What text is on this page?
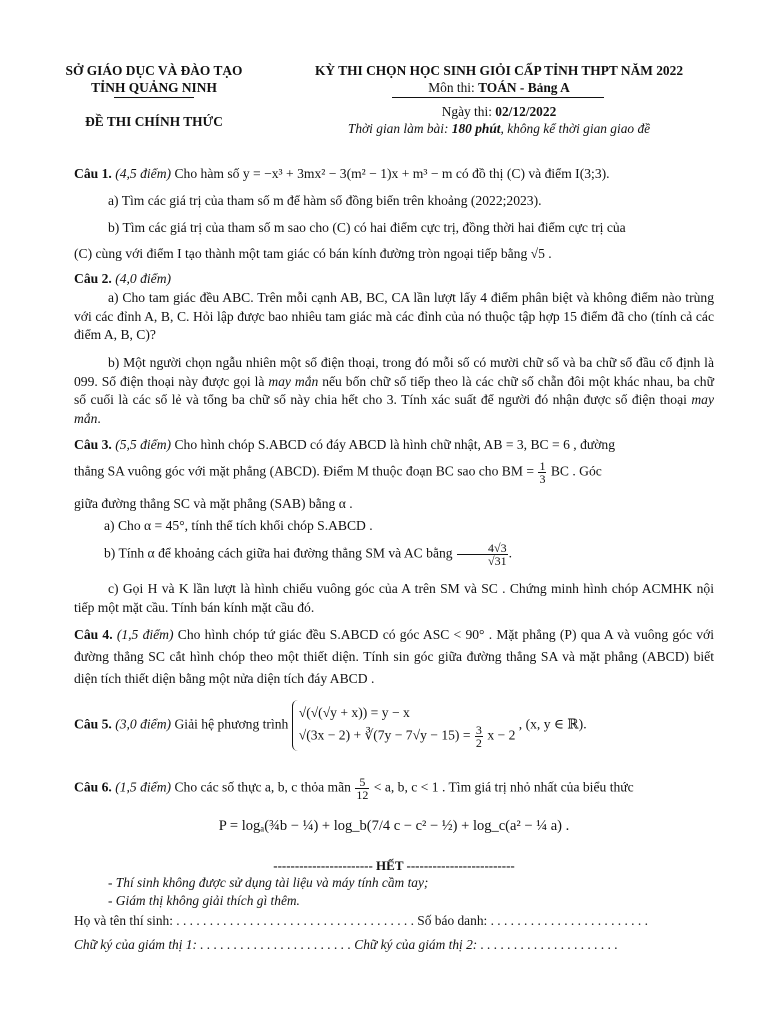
SỞ GIÁO DỤC VÀ ĐÀO TẠO
TỈNH QUẢNG NINH
ĐỀ THI CHÍNH THỨC
KỲ THI CHỌN HỌC SINH GIỎI CẤP TỈNH THPT NĂM 2022
Môn thi: TOÁN - Bảng A
Ngày thi: 02/12/2022
Thời gian làm bài: 180 phút, không kể thời gian giao đề
Câu 1. (4,5 điểm) Cho hàm số y = −x³ + 3mx² − 3(m² − 1)x + m³ − m có đồ thị (C) và điểm I(3;3).
a) Tìm các giá trị của tham số m để hàm số đồng biến trên khoảng (2022;2023).
b) Tìm các giá trị của tham số m sao cho (C) có hai điểm cực trị, đồng thời hai điểm cực trị của
(C) cùng với điểm I tạo thành một tam giác có bán kính đường tròn ngoại tiếp bằng √5 .
Câu 2. (4,0 điểm)
a) Cho tam giác đều ABC. Trên mỗi cạnh AB, BC, CA lần lượt lấy 4 điểm phân biệt và không điểm nào trùng với các đỉnh A, B, C. Hỏi lập được bao nhiêu tam giác mà các đỉnh của nó thuộc tập hợp 15 điểm đã cho (tính cả các điểm A, B, C)?
b) Một người chọn ngẫu nhiên một số điện thoại, trong đó mỗi số có mười chữ số và ba chữ số đầu cố định là 099. Số điện thoại này được gọi là may mắn nếu bốn chữ số tiếp theo là các chữ số chẵn đôi một khác nhau, ba chữ số cuối là các số lẻ và tổng ba chữ số này chia hết cho 3. Tính xác suất để người đó nhận được số điện thoại may mắn.
Câu 3. (5,5 điểm) Cho hình chóp S.ABCD có đáy ABCD là hình chữ nhật, AB = 3, BC = 6 , đường
thẳng SA vuông góc với mặt phẳng (ABCD). Điểm M thuộc đoạn BC sao cho BM = $\frac{1}{3}$ BC . Góc
giữa đường thẳng SC và mặt phẳng (SAB) bằng α .
a) Cho α = 45°, tính thể tích khối chóp S.ABCD .
b) Tính α để khoảng cách giữa hai đường thẳng SM và AC bằng $\frac{4√3}{√31}$ .
c) Gọi H và K lần lượt là hình chiếu vuông góc của A trên SM và SC . Chứng minh hình chóp ACMHK nội tiếp một mặt cầu. Tính bán kính mặt cầu đó.
Câu 4. (1,5 điểm) Cho hình chóp tứ giác đều S.ABCD có góc ASC < 90° . Mặt phẳng (P) qua A và vuông góc với đường thẳng SC cắt hình chóp theo một thiết diện. Tính sin góc giữa đường thẳng SA và mặt phẳng (ABCD) biết diện tích thiết diện bằng một nửa diện tích đáy ABCD .
Câu 5. (3,0 điểm) Giải hệ phương trình
√(√(√y + x)) = y − x
√(3x − 2) + ∛(7y − $7√y - 15) = \frac{3}{2}$ x − 2
, (x, y ∈ ℝ).
Câu 6. (1,5 điểm) Cho các số thực a, b, c thỏa mãn $\frac{5}{12} < a$, b, c < 1 . Tìm giá trị nhỏ nhất của biểu thức
P = logₐ(¾b − ¼) + log_b(7/4 c − c² − ½) + log_c(a² − ¼ a) .
----------------------- HẾT -------------------------
- Thí sinh không được sử dụng tài liệu và máy tính cầm tay;
- Giám thị không giải thích gì thêm.
Họ và tên thí sinh: . . . . . . . . . . . . . . . . . . . . . . . . . . . . . . . . . . . . Số báo danh: . . . . . . . . . . . . . . . . . . . . . . . .
Chữ ký của giám thị 1: . . . . . . . . . . . . . . . . . . . . . . . Chữ ký của giám thị 2: . . . . . . . . . . . . . . . . . . . . .
